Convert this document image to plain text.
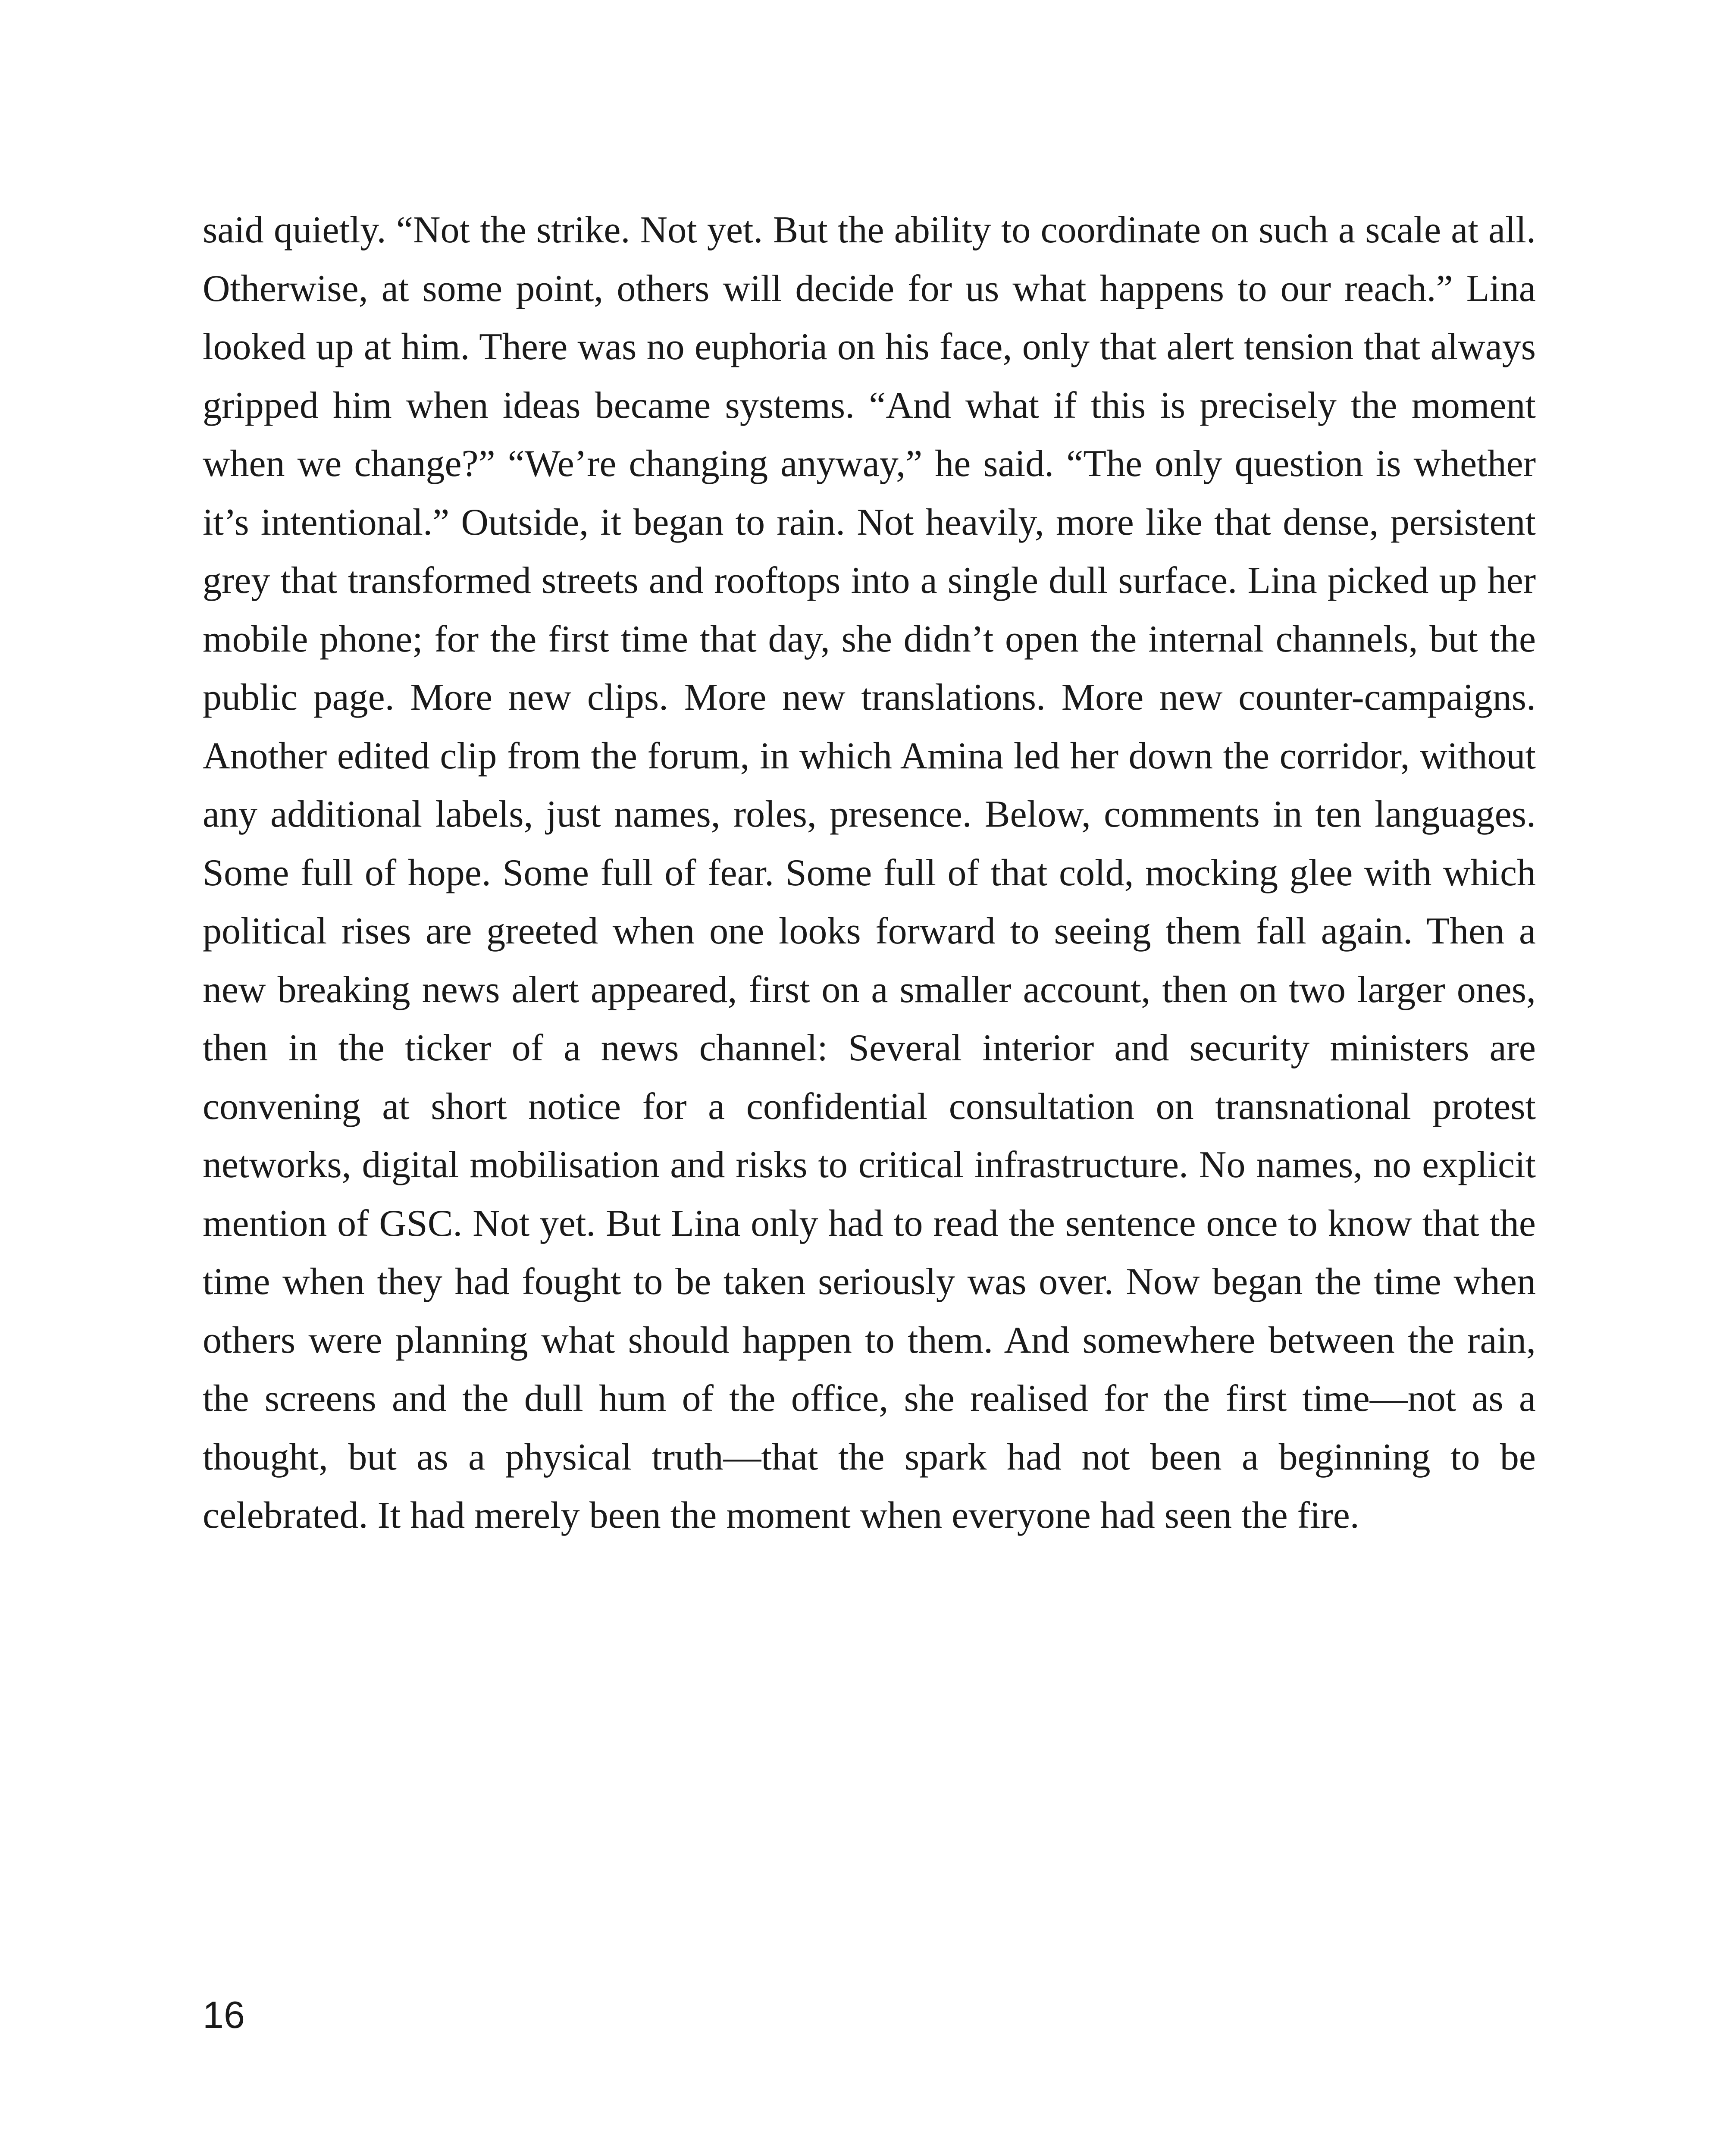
said quietly. “Not the strike. Not yet. But the ability to coordinate on such a scale at all. Otherwise, at some point, others will decide for us what happens to our reach.” Lina looked up at him. There was no euphoria on his face, only that alert tension that always gripped him when ideas became systems. “And what if this is precisely the moment when we change?” “We’re changing anyway,” he said. “The only question is whether it’s intentional.” Outside, it began to rain. Not heavily, more like that dense, persistent grey that transformed streets and rooftops into a single dull surface. Lina picked up her mobile phone; for the first time that day, she didn’t open the internal channels, but the public page. More new clips. More new translations. More new counter-campaigns. Another edited clip from the forum, in which Amina led her down the corridor, without any additional labels, just names, roles, presence. Below, comments in ten languages. Some full of hope. Some full of fear. Some full of that cold, mocking glee with which political rises are greeted when one looks forward to seeing them fall again. Then a new breaking news alert appeared, first on a smaller account, then on two larger ones, then in the ticker of a news channel: Several interior and security ministers are convening at short notice for a confidential consultation on transnational protest networks, digital mobilisation and risks to critical infrastructure. No names, no explicit mention of GSC. Not yet. But Lina only had to read the sentence once to know that the time when they had fought to be taken seriously was over. Now began the time when others were planning what should happen to them. And somewhere between the rain, the screens and the dull hum of the office, she realised for the first time—not as a thought, but as a physical truth—that the spark had not been a beginning to be celebrated. It had merely been the moment when everyone had seen the fire.

16
